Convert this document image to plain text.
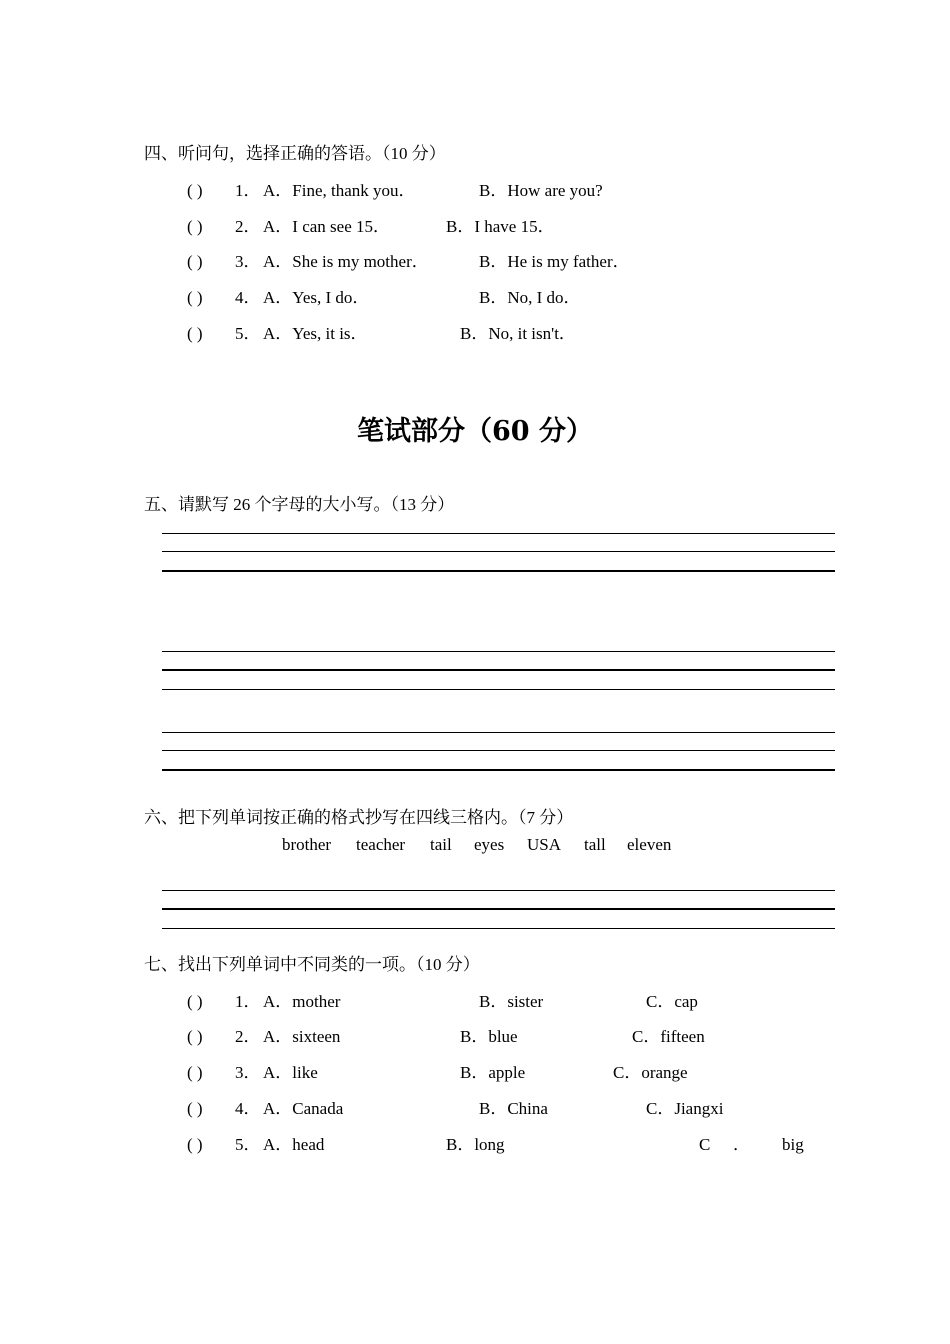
四、听问句，选择正确的答语。（10 分）
( ) 1． A．Fine, thank you．	B．How are you?
( ) 2． A．I can see 15．	B．I have 15．
( ) 3． A．She is my mother．	B．He is my father．
( ) 4． A．Yes, I do．	B．No, I do．
( ) 5． A．Yes, it is．	B．No, it isn't．
笔试部分（60 分）
五、请默写 26 个字母的大小写。（13 分）
六、把下列单词按正确的格式抄写在四线三格内。（7 分）
brother teacher tail eyes USA tall eleven
七、找出下列单词中不同类的一项。（10 分）
( ) 1． A．mother	B．sister	C．cap
( ) 2． A．sixteen	B．blue	C．fifteen
( ) 3． A．like	B．apple	C．orange
( ) 4． A．Canada	B．China	C．Jiangxi
( ) 5． A．head	B．long	C ． big
